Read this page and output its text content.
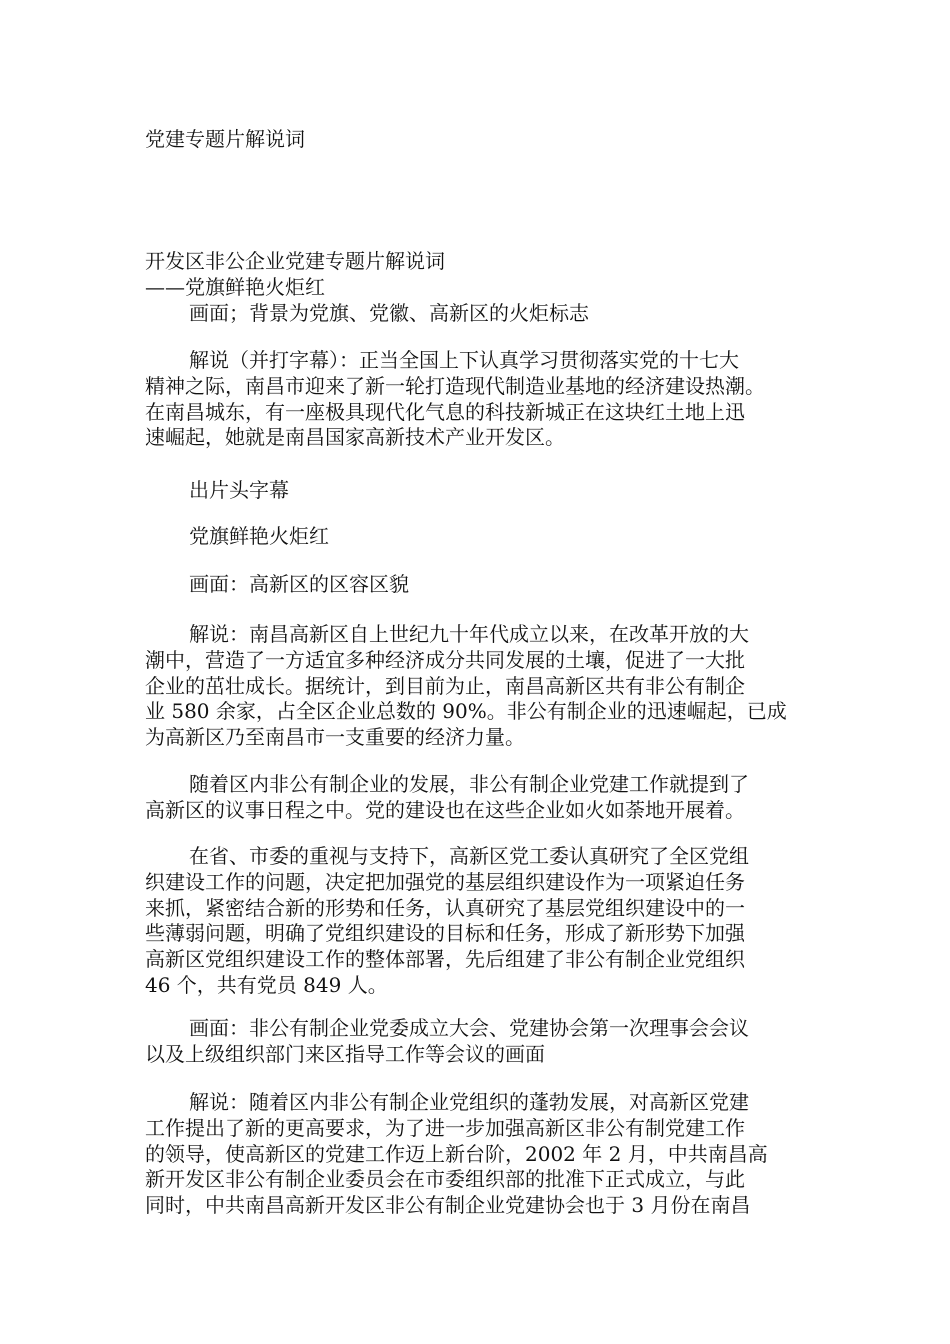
党建专题片解说词

开发区非公企业党建专题片解说词
——党旗鲜艳火炬红
画面；背景为党旗、党徽、高新区的火炬标志
解说（并打字幕）：正当全国上下认真学习贯彻落实党的十七大
精神之际，南昌市迎来了新一轮打造现代制造业基地的经济建设热潮。
在南昌城东，有一座极具现代化气息的科技新城正在这块红土地上迅
速崛起，她就是南昌国家高新技术产业开发区。
出片头字幕
党旗鲜艳火炬红
画面：高新区的区容区貌
解说：南昌高新区自上世纪九十年代成立以来，在改革开放的大
潮中，营造了一方适宜多种经济成分共同发展的土壤，促进了一大批
企业的茁壮成长。据统计，到目前为止，南昌高新区共有非公有制企
业 580 余家，占全区企业总数的 90%。非公有制企业的迅速崛起，已成
为高新区乃至南昌市一支重要的经济力量。
随着区内非公有制企业的发展，非公有制企业党建工作就提到了
高新区的议事日程之中。党的建设也在这些企业如火如荼地开展着。
在省、市委的重视与支持下，高新区党工委认真研究了全区党组
织建设工作的问题，决定把加强党的基层组织建设作为一项紧迫任务
来抓，紧密结合新的形势和任务，认真研究了基层党组织建设中的一
些薄弱问题，明确了党组织建设的目标和任务，形成了新形势下加强
高新区党组织建设工作的整体部署，先后组建了非公有制企业党组织
46 个，共有党员 849 人。
画面：非公有制企业党委成立大会、党建协会第一次理事会会议
以及上级组织部门来区指导工作等会议的画面
解说：随着区内非公有制企业党组织的蓬勃发展，对高新区党建
工作提出了新的更高要求，为了进一步加强高新区非公有制党建工作
的领导，使高新区的党建工作迈上新台阶，2002 年 2 月，中共南昌高
新开发区非公有制企业委员会在市委组织部的批准下正式成立，与此
同时，中共南昌高新开发区非公有制企业党建协会也于 3 月份在南昌
